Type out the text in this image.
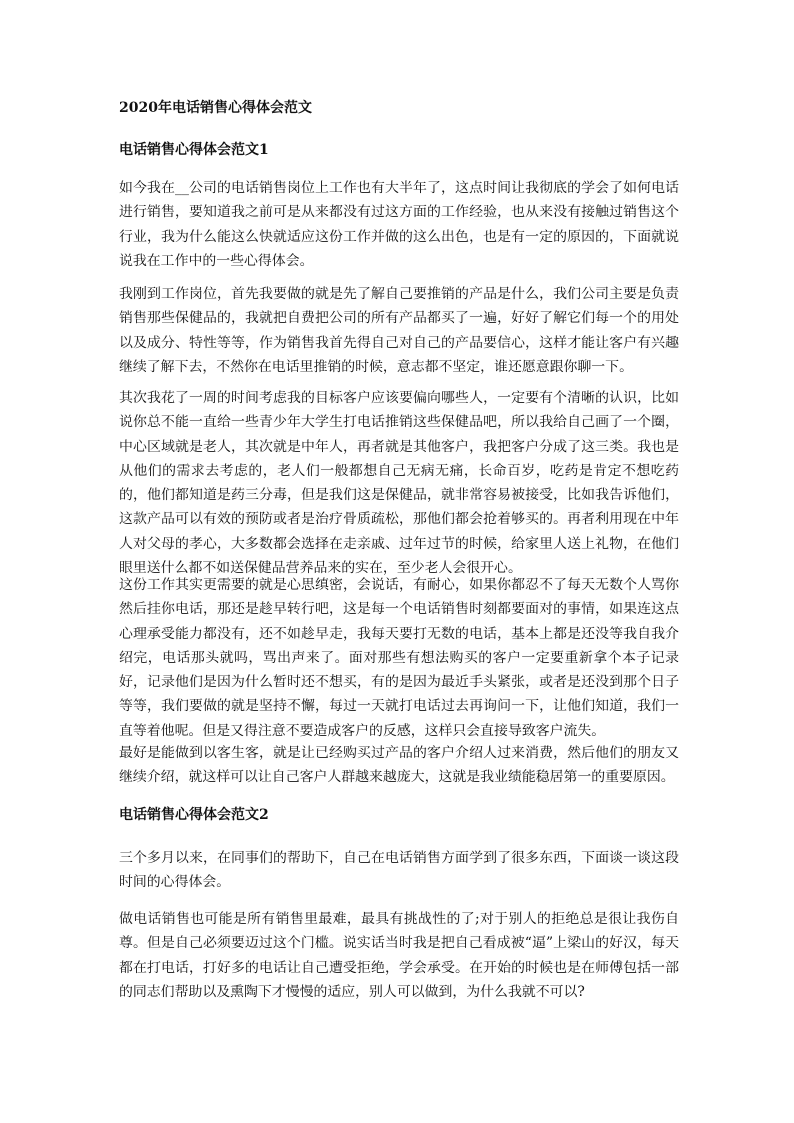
2020年电话销售心得体会范文
电话销售心得体会范文1

如今我在__公司的电话销售岗位上工作也有大半年了，这点时间让我彻底的学会了如何电话进行销售，要知道我之前可是从来都没有过这方面的工作经验，也从来没有接触过销售这个行业，我为什么能这么快就适应这份工作并做的这么出色，也是有一定的原因的，下面就说说我在工作中的一些心得体会。

我刚到工作岗位，首先我要做的就是先了解自己要推销的产品是什么，我们公司主要是负责销售那些保健品的，我就把自费把公司的所有产品都买了一遍，好好了解它们每一个的用处以及成分、特性等等，作为销售我首先得自己对自己的产品要信心，这样才能让客户有兴趣继续了解下去，不然你在电话里推销的时候，意志都不坚定，谁还愿意跟你聊一下。

其次我花了一周的时间考虑我的目标客户应该要偏向哪些人，一定要有个清晰的认识，比如说你总不能一直给一些青少年大学生打电话推销这些保健品吧，所以我给自己画了一个圈，中心区域就是老人，其次就是中年人，再者就是其他客户，我把客户分成了这三类。我也是从他们的需求去考虑的，老人们一般都想自己无病无痛，长命百岁，吃药是肯定不想吃药的，他们都知道是药三分毒，但是我们这是保健品，就非常容易被接受，比如我告诉他们，这款产品可以有效的预防或者是治疗骨质疏松，那他们都会抢着够买的。再者利用现在中年人对父母的孝心，大多数都会选择在走亲戚、过年过节的时候，给家里人送上礼物，在他们眼里送什么都不如送保健品营养品来的实在，至少老人会很开心。

这份工作其实更需要的就是心思缜密，会说话，有耐心，如果你都忍不了每天无数个人骂你然后挂你电话，那还是趁早转行吧，这是每一个电话销售时刻都要面对的事情，如果连这点心理承受能力都没有，还不如趁早走，我每天要打无数的电话，基本上都是还没等我自我介绍完，电话那头就吗，骂出声来了。面对那些有想法购买的客户一定要重新拿个本子记录好，记录他们是因为什么暂时还不想买，有的是因为最近手头紧张，或者是还没到那个日子等等，我们要做的就是坚持不懈，每过一天就打电话过去再询问一下，让他们知道，我们一直等着他呢。但是又得注意不要造成客户的反感，这样只会直接导致客户流失。

最好是能做到以客生客，就是让已经购买过产品的客户介绍人过来消费，然后他们的朋友又继续介绍，就这样可以让自己客户人群越来越庞大，这就是我业绩能稳居第一的重要原因。

电话销售心得体会范文2

三个多月以来，在同事们的帮助下，自己在电话销售方面学到了很多东西，下面谈一谈这段时间的心得体会。

做电话销售也可能是所有销售里最难，最具有挑战性的了;对于别人的拒绝总是很让我伤自尊。但是自己必须要迈过这个门槛。说实话当时我是把自己看成被“逼”上梁山的好汉，每天都在打电话，打好多的电话让自己遭受拒绝，学会承受。在开始的时候也是在师傅包括一部的同志们帮助以及熏陶下才慢慢的适应，别人可以做到，为什么我就不可以?
